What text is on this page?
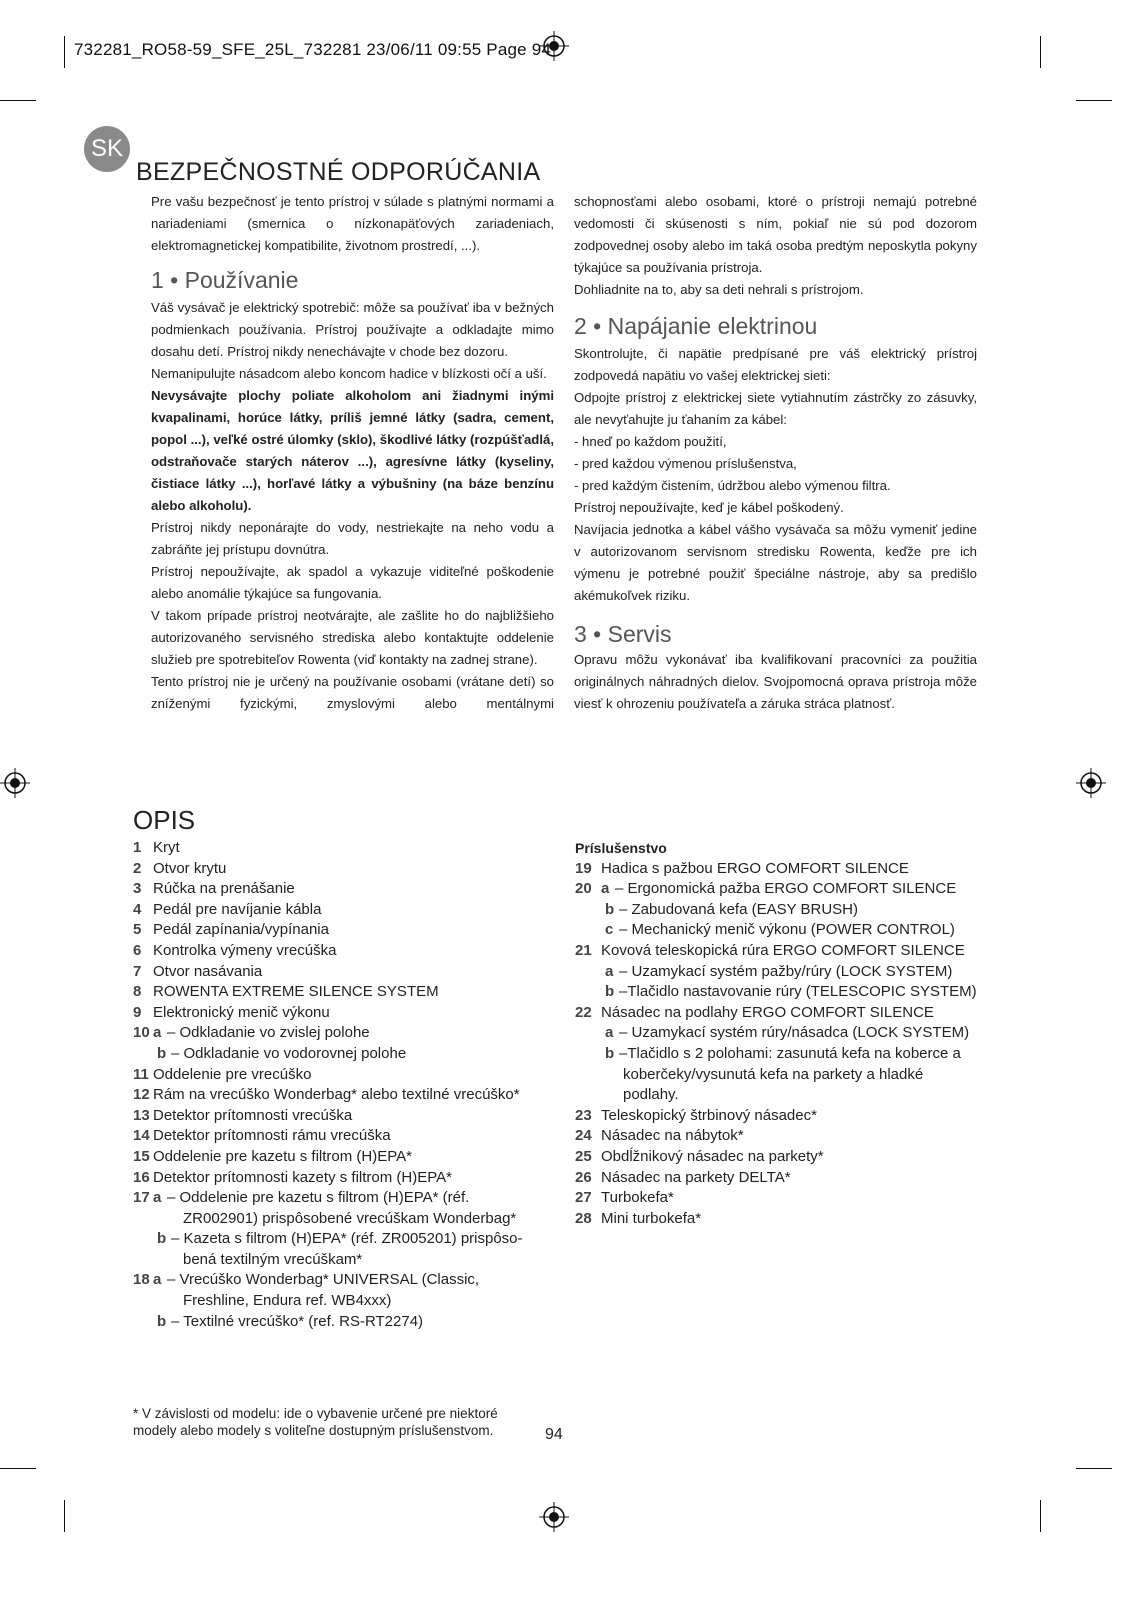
732281_RO58-59_SFE_25L_732281 23/06/11 09:55 Page 94
SK
BEZPEČNOSTNÉ ODPORÚČANIA

Pre vašu bezpečnosť je tento prístroj v súlade s platnými normami a nariadeniami (smernica o nízkonapäťových zariadeniach, elektromagnetickej kompatibilite, životnom prostredí, ...).

1 • Používanie

Váš vysávač je elektrický spotrebič: môže sa používať iba v bežných podmienkach používania. Prístroj používajte a odkladajte mimo dosahu detí. Prístroj nikdy nenechávajte v chode bez dozoru.

Nemanipulujte násadcom alebo koncom hadice v blízkosti očí a uší.

Nevysávajte plochy poliate alkoholom ani žiadnymi inými kvapalinami, horúce látky, príliš jemné látky (sadra, cement, popol ...), veľké ostré úlomky (sklo), škodlivé látky (rozpúšťadlá, odstraňovače starých náterov ...), agresívne látky (kyseliny, čistiace látky ...), horľavé látky a výbušniny (na báze benzínu alebo alkoholu).

Prístroj nikdy neponárajte do vody, nestriekajte na neho vodu a zabráňte jej prístupu dovnútra.

Prístroj nepoužívajte, ak spadol a vykazuje viditeľné poškodenie alebo anomálie týkajúce sa fungovania.

V takom prípade prístroj neotvárajte, ale zašlite ho do najbližšieho autorizovaného servisného strediska alebo kontaktujte oddelenie služieb pre spotrebiteľov Rowenta (viď kontakty na zadnej strane).

Tento prístroj nie je určený na používanie osobami (vrátane detí) so zníženými fyzickými, zmyslovými alebo mentálnymi

schopnosťami alebo osobami, ktoré o prístroji nemajú potrebné vedomosti či skúsenosti s ním, pokiaľ nie sú pod dozorom zodpovednej osoby alebo im taká osoba predtým neposkytla pokyny týkajúce sa používania prístroja.

Dohliadnite na to, aby sa deti nehrali s prístrojom.

2 • Napájanie elektrinou

Skontrolujte, či napätie predpísané pre váš elektrický prístroj zodpovedá napätiu vo vašej elektrickej sieti:

Odpojte prístroj z elektrickej siete vytiahnutím zástrčky zo zásuvky, ale nevyťahujte ju ťahaním za kábel:

- hneď po každom použití,

- pred každou výmenou príslušenstva,

- pred každým čistením, údržbou alebo výmenou filtra.

Prístroj nepoužívajte, keď je kábel poškodený.

Navíjacia jednotka a kábel vášho vysávača sa môžu vymeniť jedine v autorizovanom servisnom stredisku Rowenta, keďže pre ich výmenu je potrebné použiť špeciálne nástroje, aby sa predišlo akémukoľvek riziku.

3 • Servis

Opravu môžu vykonávať iba kvalifikovaní pracovníci za použitia originálnych náhradných dielov. Svojpomocná oprava prístroja môže viesť k ohrozeniu používateľa a záruka stráca platnosť.

OPIS
1 Kryt
2 Otvor krytu
3 Rúčka na prenášanie
4 Pedál pre navíjanie kábla
5 Pedál zapínania/vypínania
6 Kontrolka výmeny vrecúška
7 Otvor nasávania
8 ROWENTA EXTREME SILENCE SYSTEM
9 Elektronický menič výkonu
10 a – Odkladanie vo zvislej polohe
b – Odkladanie vo vodorovnej polohe
11 Oddelenie pre vrecúško
12 Rám na vrecúško Wonderbag* alebo textilné vrecúško*
13 Detektor prítomnosti vrecúška
14 Detektor prítomnosti rámu vrecúška
15 Oddelenie pre kazetu s filtrom (H)EPA*
16 Detektor prítomnosti kazety s filtrom (H)EPA*
17 a – Oddelenie pre kazetu s filtrom (H)EPA* (réf.
ZR002901) prispôsobené vrecúškam Wonderbag*
b – Kazeta s filtrom (H)EPA* (réf. ZR005201) prispôso-
bená textilným vrecúškam*
18 a – Vrecúško Wonderbag* UNIVERSAL (Classic,
Freshline, Endura ref. WB4xxx)
b – Textilné vrecúško* (ref. RS-RT2274)
Príslušenstvo
19 Hadica s pažbou ERGO COMFORT SILENCE
20 a – Ergonomická pažba ERGO COMFORT SILENCE
b – Zabudovaná kefa (EASY BRUSH)
c – Mechanický menič výkonu (POWER CONTROL)
21 Kovová teleskopická rúra ERGO COMFORT SILENCE
a – Uzamykací systém pažby/rúry (LOCK SYSTEM)
b –Tlačidlo nastavovanie rúry (TELESCOPIC SYSTEM)
22 Násadec na podlahy ERGO COMFORT SILENCE
a – Uzamykací systém rúry/násadca (LOCK SYSTEM)
b –Tlačidlo s 2 polohami: zasunutá kefa na koberce a
koberčeky/vysunutá kefa na parkety a hladké
podlahy.
23 Teleskopický štrbinový násadec*
24 Násadec na nábytok*
25 Obdĺžnikový násadec na parkety*
26 Násadec na parkety DELTA*
27 Turbokefa*
28 Mini turbokefa*
* V závislosti od modelu: ide o vybavenie určené pre niektoré modely alebo modely s voliteľne dostupným príslušenstvom.	94
